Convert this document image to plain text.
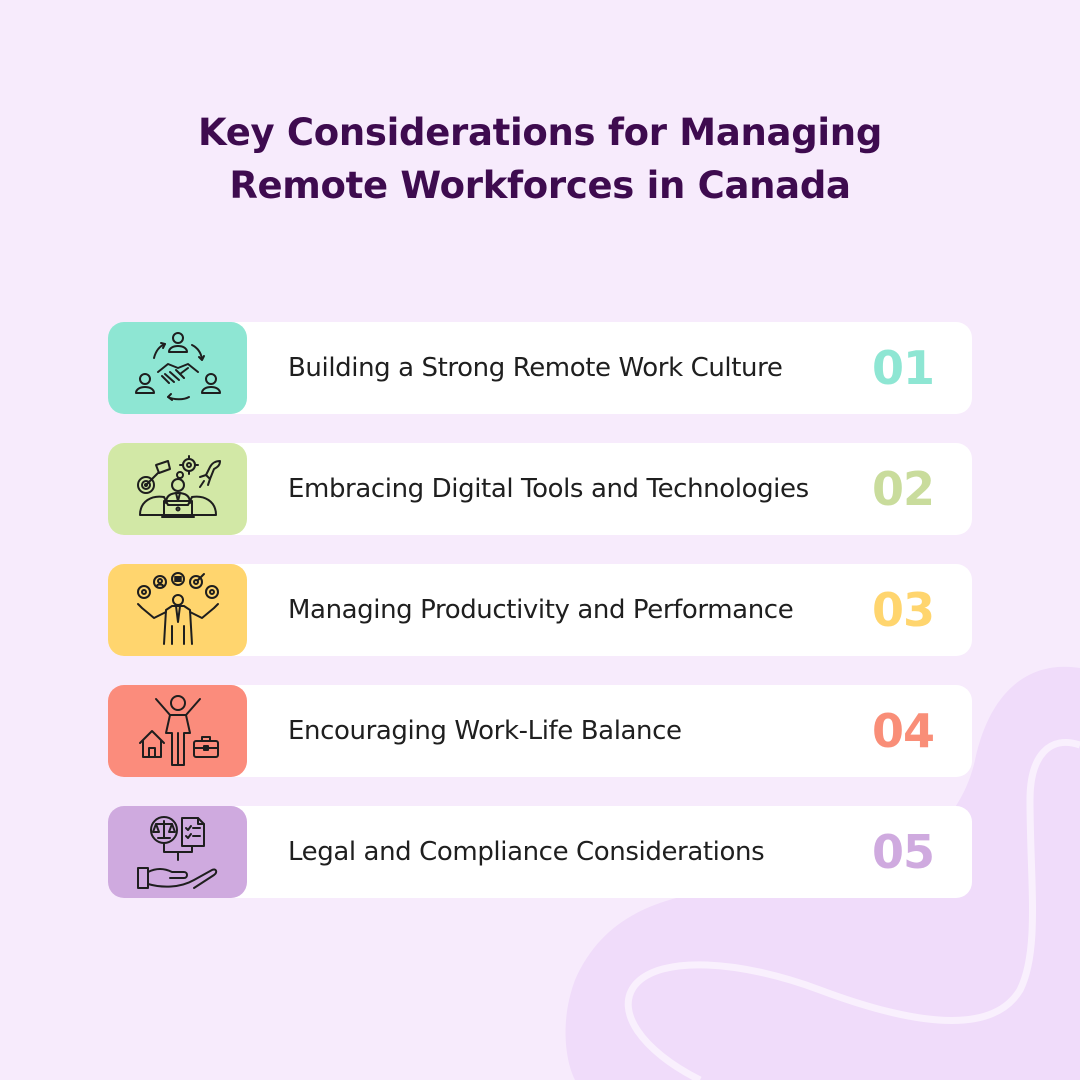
Key Considerations for Managing
Remote Workforces in Canada
Building a Strong Remote Work Culture 01
Embracing Digital Tools and Technologies 02
Managing Productivity and Performance 03
Encouraging Work-Life Balance	04
Legal and Compliance Considerations 05
